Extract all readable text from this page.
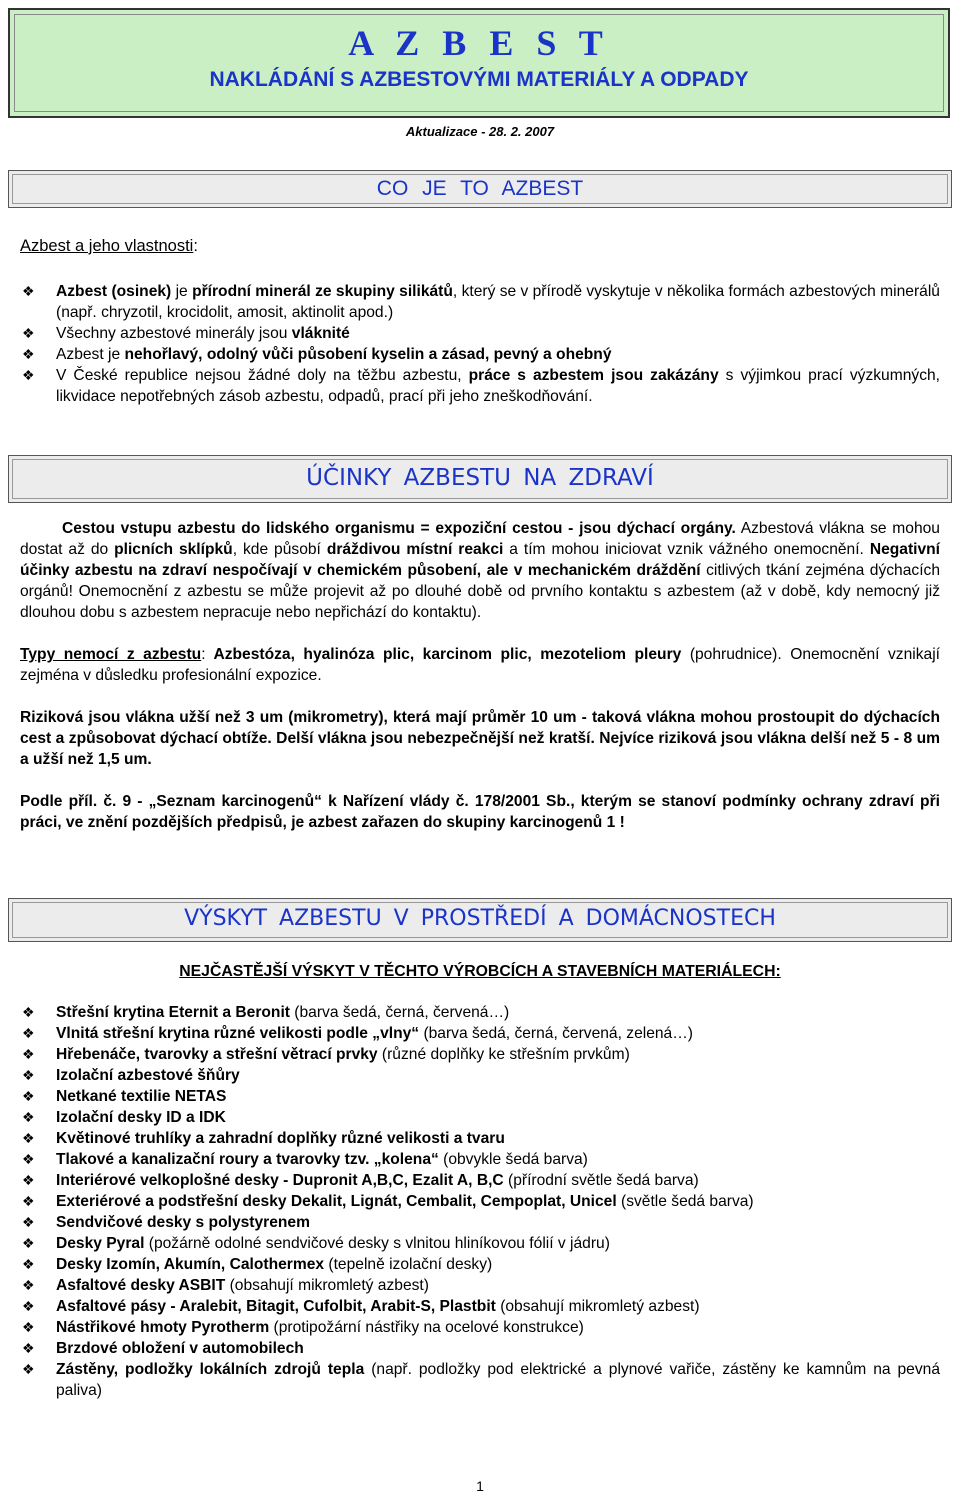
A Z B E S T
NAKLÁDÁNÍ S AZBESTOVÝMI MATERIÁLY A ODPADY
Aktualizace - 28. 2. 2007
CO JE TO AZBEST
Azbest a jeho vlastnosti:
❖ Azbest (osinek) je přírodní minerál ze skupiny silikátů, který se v přírodě vyskytuje v několika formách azbestových minerálů (např. chryzotil, krocidolit, amosit, aktinolit apod.)
❖ Všechny azbestové minerály jsou vláknité
❖ Azbest je nehořlavý, odolný vůči působení kyselin a zásad, pevný a ohebný
❖ V České republice nejsou žádné doly na těžbu azbestu, práce s azbestem jsou zakázány s výjimkou prací výzkumných, likvidace nepotřebných zásob azbestu, odpadů, prací při jeho zneškodňování.
ÚČINKY AZBESTU NA ZDRAVÍ
Cestou vstupu azbestu do lidského organismu = expoziční cestou - jsou dýchací orgány. Azbestová vlákna se mohou dostat až do plicních sklípků, kde působí dráždivou místní reakci a tím mohou iniciovat vznik vážného onemocnění. Negativní účinky azbestu na zdraví nespočívají v chemickém působení, ale v mechanickém dráždění citlivých tkání zejména dýchacích orgánů! Onemocnění z azbestu se může projevit až po dlouhé době od prvního kontaktu s azbestem (až v době, kdy nemocný již dlouhou dobu s azbestem nepracuje nebo nepřichází do kontaktu).
Typy nemocí z azbestu: Azbestóza, hyalinóza plic, karcinom plic, mezoteliom pleury (pohrudnice). Onemocnění vznikají zejména v důsledku profesionální expozice.
Riziková jsou vlákna užší než 3 um (mikrometry), která mají průměr 10 um - taková vlákna mohou prostoupit do dýchacích cest a způsobovat dýchací obtíže. Delší vlákna jsou nebezpečnější než kratší. Nejvíce riziková jsou vlákna delší než 5 - 8 um a užší než 1,5 um.
Podle příl. č. 9 - „Seznam karcinogenů“ k Nařízení vlády č. 178/2001 Sb., kterým se stanoví podmínky ochrany zdraví při práci, ve znění pozdějších předpisů, je azbest zařazen do skupiny karcinogenů 1 !
VÝSKYT AZBESTU V PROSTŘEDÍ A DOMÁCNOSTECH
NEJČASTĚJŠÍ VÝSKYT V TĚCHTO VÝROBCÍCH A STAVEBNÍCH MATERIÁLECH:
❖ Střešní krytina Eternit a Beronit (barva šedá, černá, červená…)
❖ Vlnitá střešní krytina různé velikosti podle „vlny“ (barva šedá, černá, červená, zelená…)
❖ Hřebenáče, tvarovky a střešní větrací prvky (různé doplňky ke střešním prvkům)
❖ Izolační azbestové šňůry
❖ Netkané textilie NETAS
❖ Izolační desky ID a IDK
❖ Květinové truhlíky a zahradní doplňky různé velikosti a tvaru
❖ Tlakové a kanalizační roury a tvarovky tzv. „kolena“ (obvykle šedá barva)
❖ Interiérové velkoplošné desky - Dupronit A,B,C, Ezalit A, B,C (přírodní světle šedá barva)
❖ Exteriérové a podstřešní desky Dekalit, Lignát, Cembalit, Cempoplat, Unicel (světle šedá barva)
❖ Sendvičové desky s polystyrenem
❖ Desky Pyral (požárně odolné sendvičové desky s vlnitou hliníkovou fólií v jádru)
❖ Desky Izomín, Akumín, Calothermex (tepelně izolační desky)
❖ Asfaltové desky ASBIT (obsahují mikromletý azbest)
❖ Asfaltové pásy - Aralebit, Bitagit, Cufolbit, Arabit-S, Plastbit (obsahují mikromletý azbest)
❖ Nástřikové hmoty Pyrotherm (protipožární nástřiky na ocelové konstrukce)
❖ Brzdové obložení v automobilech
❖ Zástěny, podložky lokálních zdrojů tepla (např. podložky pod elektrické a plynové vařiče, zástěny ke kamnům na pevná paliva)
1
